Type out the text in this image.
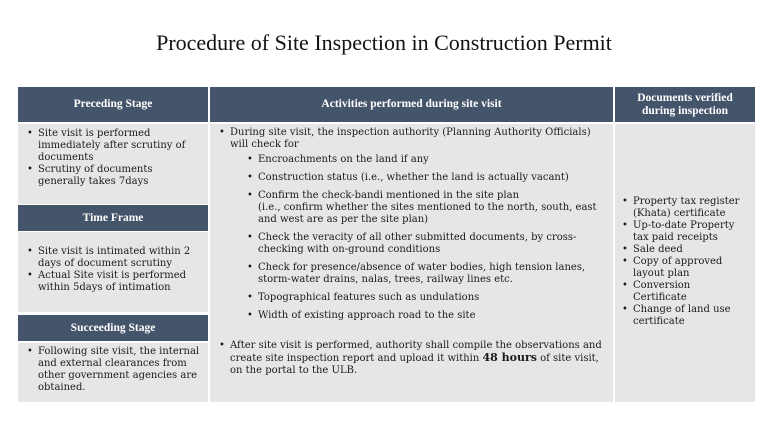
Procedure of Site Inspection in Construction Permit
Preceding Stage	Activities performed during site visit
Documents verified during inspection
• Site visit is performed immediately after scrutiny of documents
• Scrutiny of documents generally takes 7days
Time Frame
• Site visit is intimated within 2 days of document scrutiny
• Actual Site visit is performed within 5days of intimation
Succeeding Stage
• Following site visit, the internal and external clearances from other government agencies are obtained.
• During site visit, the inspection authority (Planning Authority Officials) will check for
• Encroachments on the land if any
• Construction status (i.e., whether the land is actually vacant)
• Confirm the check-bandi mentioned in the site plan
(i.e., confirm whether the sites mentioned to the north, south, east and west are as per the site plan)
• Check the veracity of all other submitted documents, by cross-checking with on-ground conditions
• Check for presence/absence of water bodies, high tension lanes, storm-water drains, nalas, trees, railway lines etc.
• Topographical features such as undulations
• Width of existing approach road to the site
• After site visit is performed, authority shall compile the observations and create site inspection report and upload it within 48 hours of site visit, on the portal to the ULB.
• Property tax register (Khata) certificate
• Up-to-date Property tax paid receipts
• Sale deed
• Copy of approved layout plan
• Conversion Certificate
• Change of land use certificate
